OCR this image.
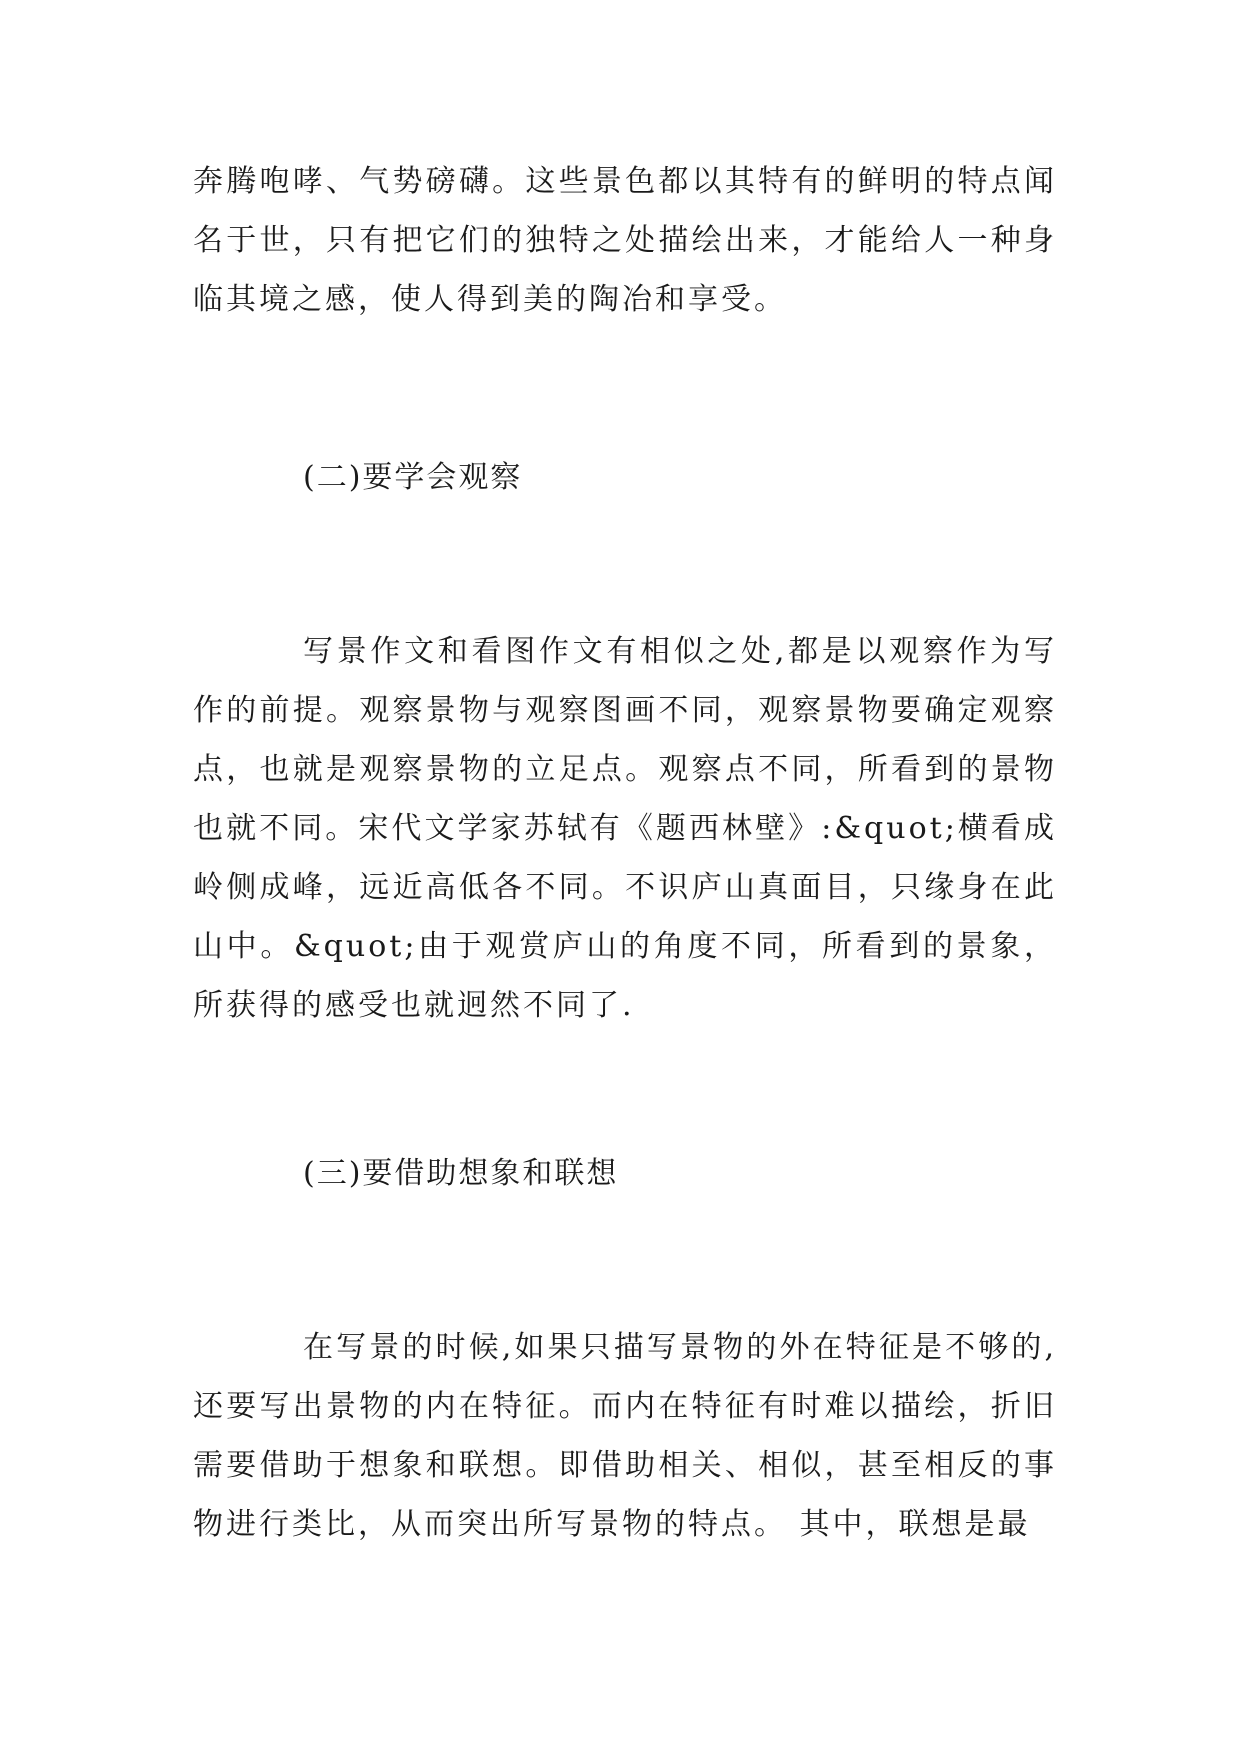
奔腾咆哮、气势磅礴。这些景色都以其特有的鲜明的特点闻名于世，只有把它们的独特之处描绘出来，才能给人一种身临其境之感，使人得到美的陶冶和享受。

(二)要学会观察

写景作文和看图作文有相似之处,都是以观察作为写作的前提。观察景物与观察图画不同，观察景物要确定观察点，也就是观察景物的立足点。观察点不同，所看到的景物也就不同。宋代文学家苏轼有《题西林壁》:&quot;横看成岭侧成峰，远近高低各不同。不识庐山真面目，只缘身在此山中。&quot;由于观赏庐山的角度不同，所看到的景象，所获得的感受也就迥然不同了.

(三)要借助想象和联想

在写景的时候,如果只描写景物的外在特征是不够的,还要写出景物的内在特征。而内在特征有时难以描绘，折旧需要借助于想象和联想。即借助相关、相似，甚至相反的事物进行类比，从而突出所写景物的特点。 其中，联想是最
